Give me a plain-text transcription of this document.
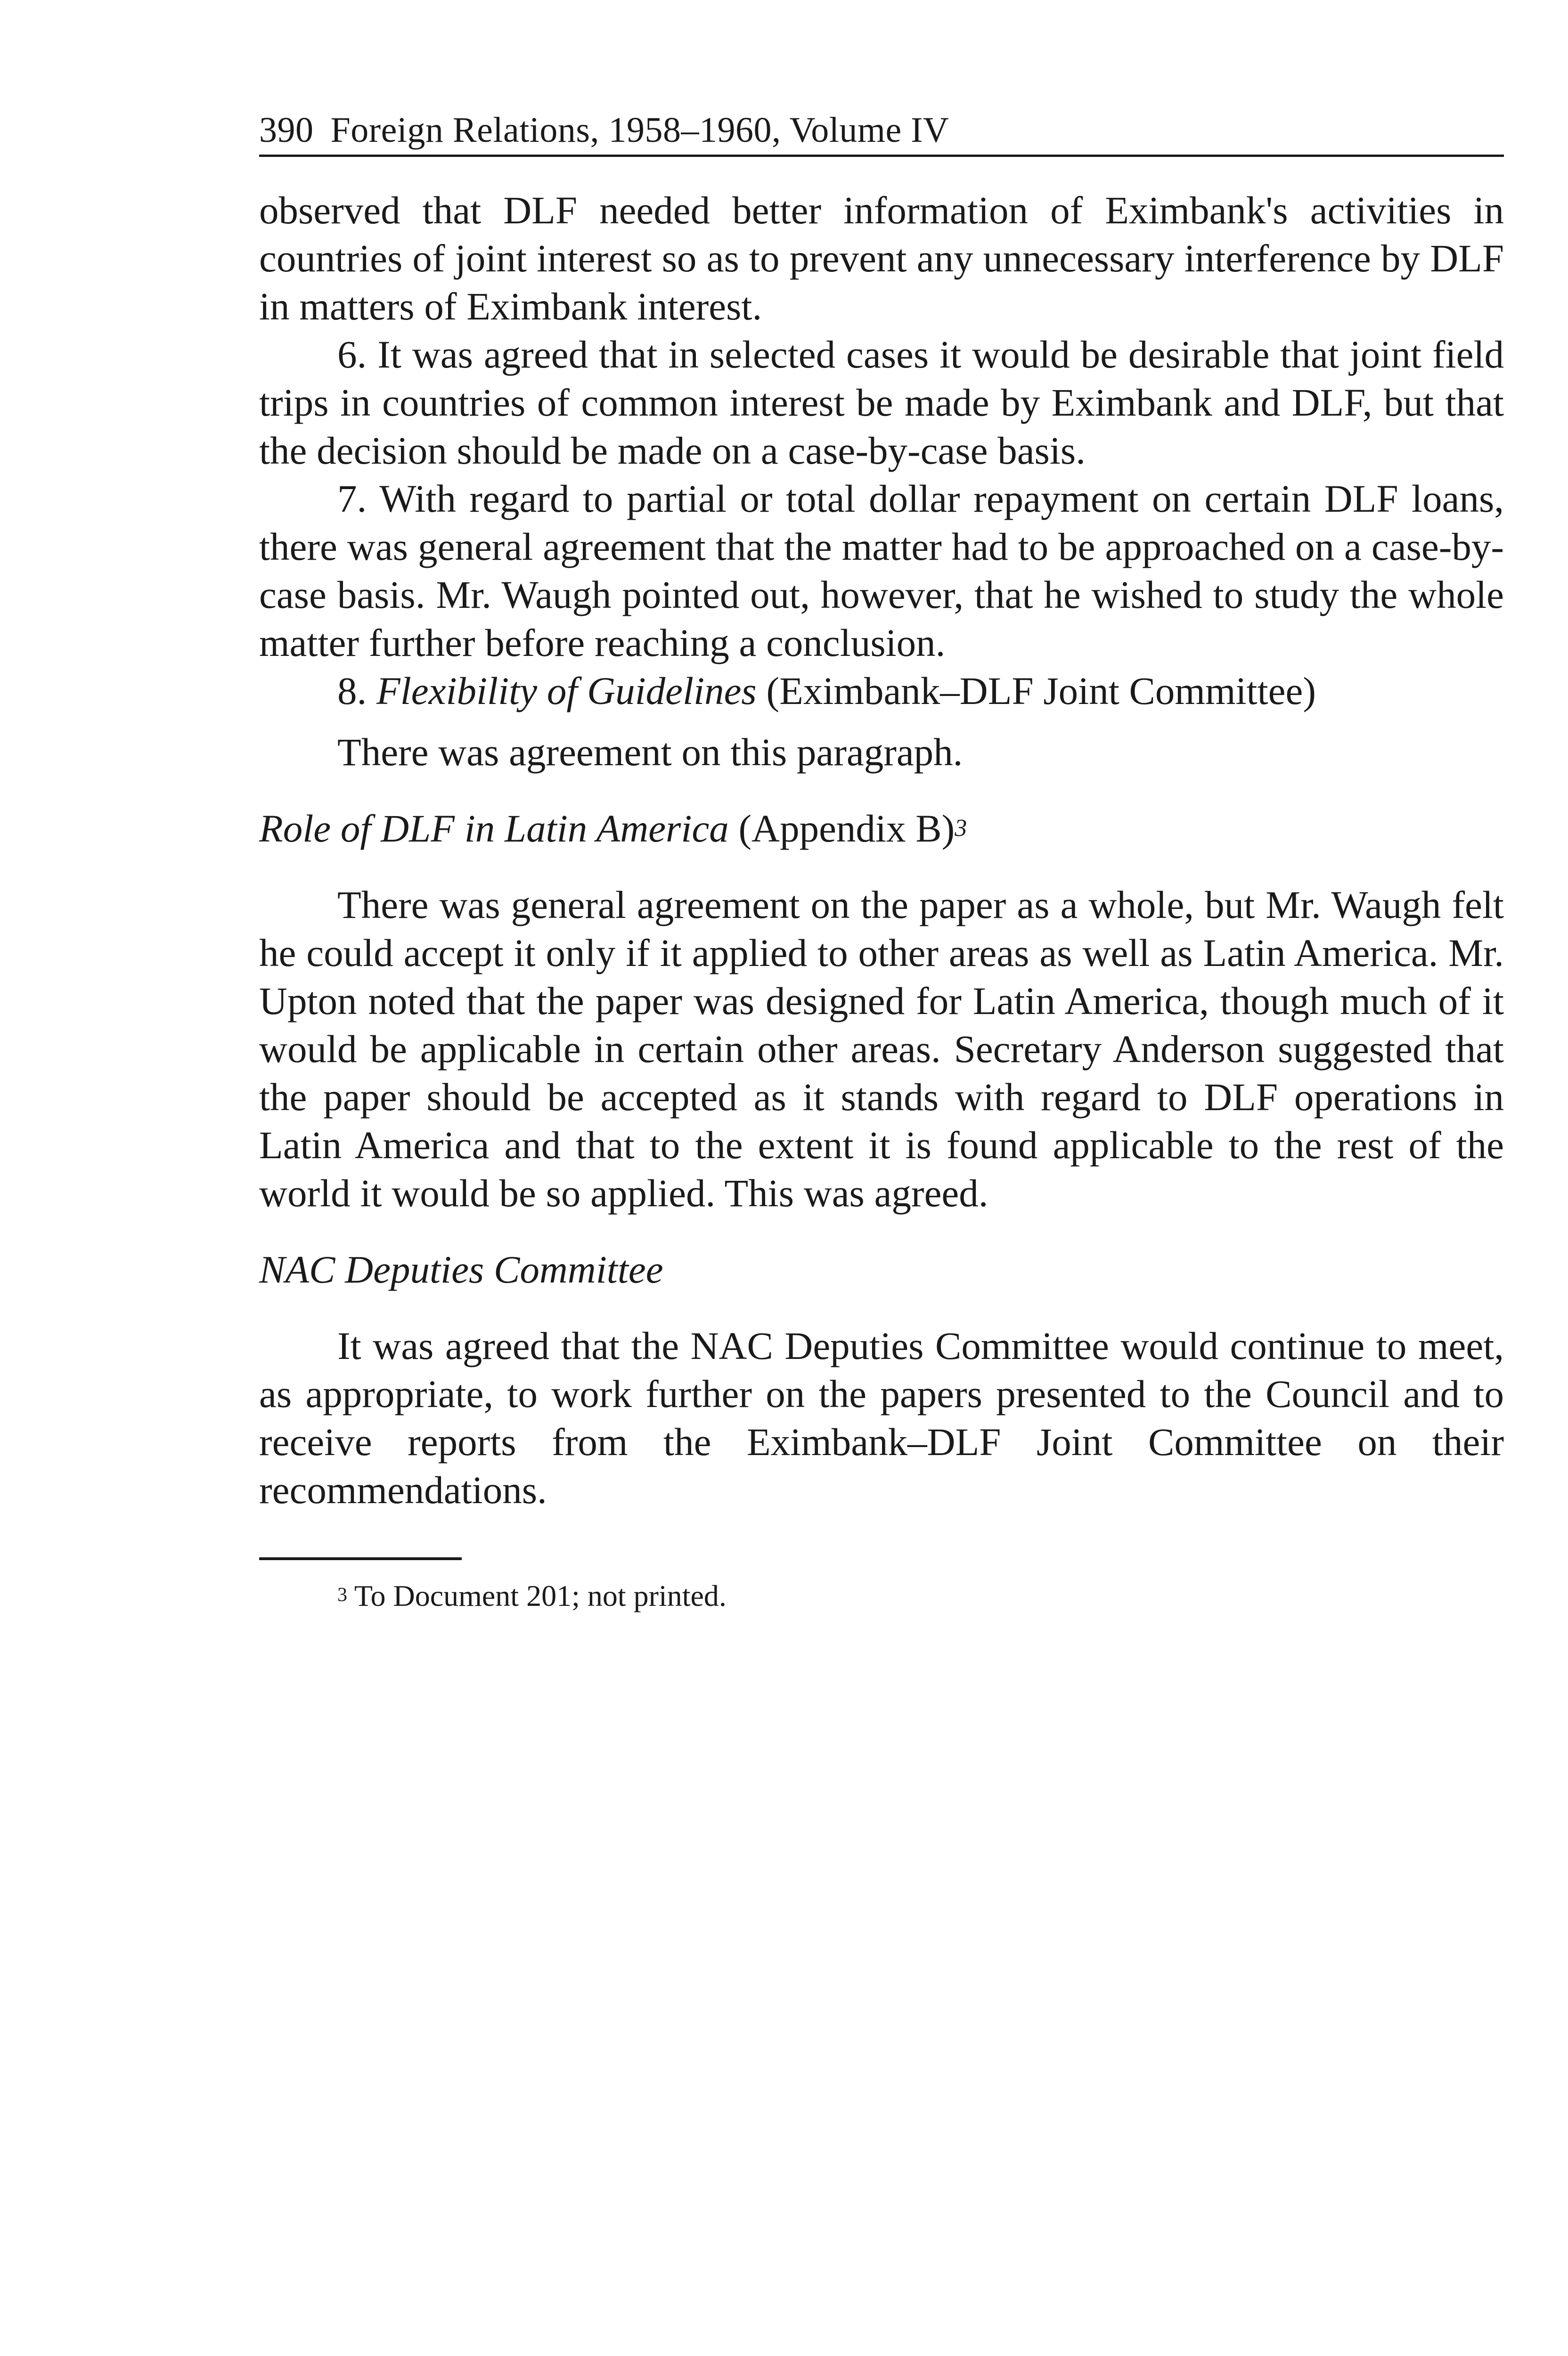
390 Foreign Relations, 1958–1960, Volume IV

observed that DLF needed better information of Eximbank's activities in countries of joint interest so as to prevent any unnecessary interference by DLF in matters of Eximbank interest.

6. It was agreed that in selected cases it would be desirable that joint field trips in countries of common interest be made by Eximbank and DLF, but that the decision should be made on a case-by-case basis.

7. With regard to partial or total dollar repayment on certain DLF loans, there was general agreement that the matter had to be approached on a case-by-case basis. Mr. Waugh pointed out, however, that he wished to study the whole matter further before reaching a conclusion.

8. Flexibility of Guidelines (Eximbank–DLF Joint Committee)

There was agreement on this paragraph.

Role of DLF in Latin America (Appendix B)$^3$

There was general agreement on the paper as a whole, but Mr. Waugh felt he could accept it only if it applied to other areas as well as Latin America. Mr. Upton noted that the paper was designed for Latin America, though much of it would be applicable in certain other areas. Secretary Anderson suggested that the paper should be accepted as it stands with regard to DLF operations in Latin America and that to the extent it is found applicable to the rest of the world it would be so applied. This was agreed.

NAC Deputies Committee

It was agreed that the NAC Deputies Committee would continue to meet, as appropriate, to work further on the papers presented to the Council and to receive reports from the Eximbank–DLF Joint Committee on their recommendations.

$^3$ To Document 201; not printed.
